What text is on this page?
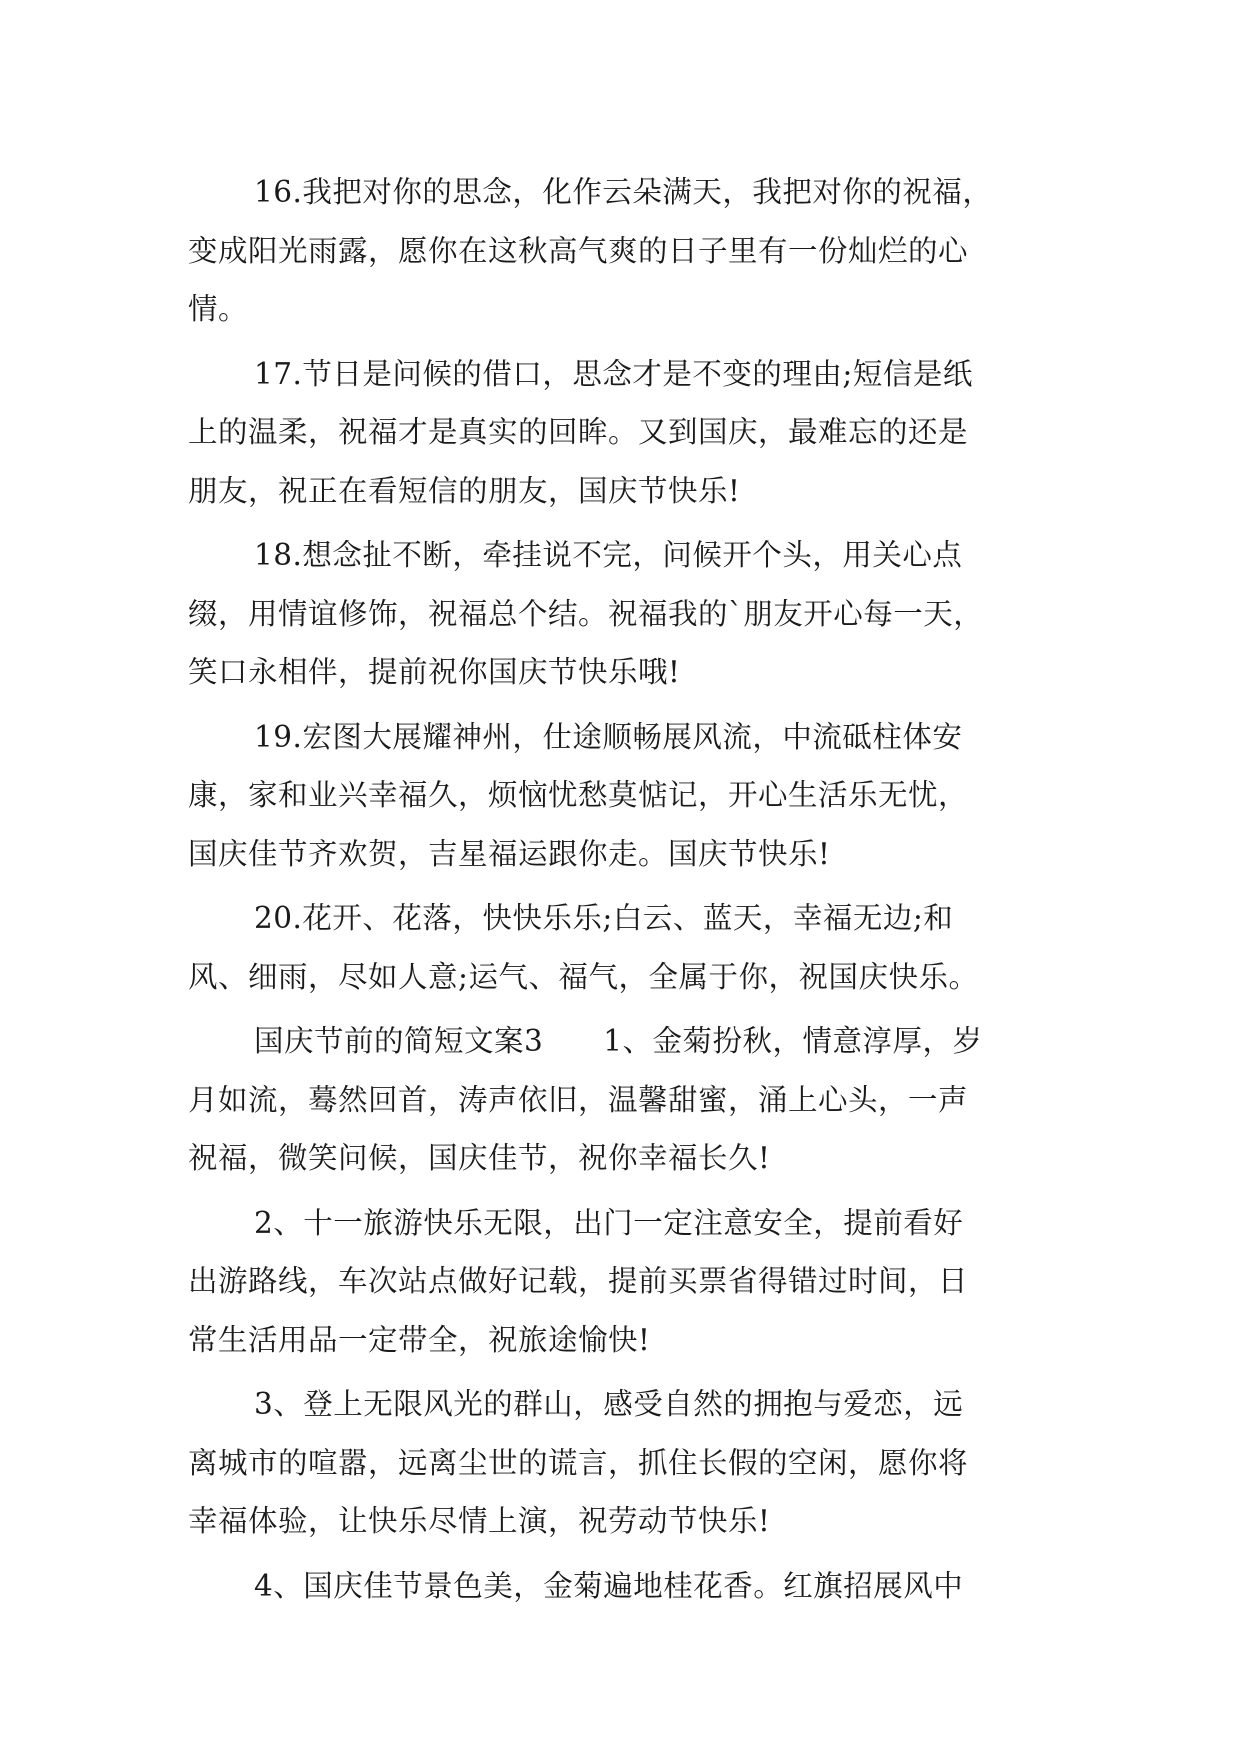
16.我把对你的思念，化作云朵满天，我把对你的祝福，
变成阳光雨露，愿你在这秋高气爽的日子里有一份灿烂的心
情。

17.节日是问候的借口，思念才是不变的理由;短信是纸
上的温柔，祝福才是真实的回眸。又到国庆，最难忘的还是
朋友，祝正在看短信的朋友，国庆节快乐!

18.想念扯不断，牵挂说不完，问候开个头，用关心点
缀，用情谊修饰，祝福总个结。祝福我的`朋友开心每一天，
笑口永相伴，提前祝你国庆节快乐哦!

19.宏图大展耀神州，仕途顺畅展风流，中流砥柱体安
康，家和业兴幸福久，烦恼忧愁莫惦记，开心生活乐无忧，
国庆佳节齐欢贺，吉星福运跟你走。国庆节快乐!

20.花开、花落，快快乐乐;白云、蓝天，幸福无边;和
风、细雨，尽如人意;运气、福气，全属于你，祝国庆快乐。

国庆节前的简短文案3　　1、金菊扮秋，情意淳厚，岁
月如流，蓦然回首，涛声依旧，温馨甜蜜，涌上心头，一声
祝福，微笑问候，国庆佳节，祝你幸福长久!

2、十一旅游快乐无限，出门一定注意安全，提前看好
出游路线，车次站点做好记载，提前买票省得错过时间，日
常生活用品一定带全，祝旅途愉快!

3、登上无限风光的群山，感受自然的拥抱与爱恋，远
离城市的喧嚣，远离尘世的谎言，抓住长假的空闲，愿你将
幸福体验，让快乐尽情上演，祝劳动节快乐!

4、国庆佳节景色美，金菊遍地桂花香。红旗招展风中
